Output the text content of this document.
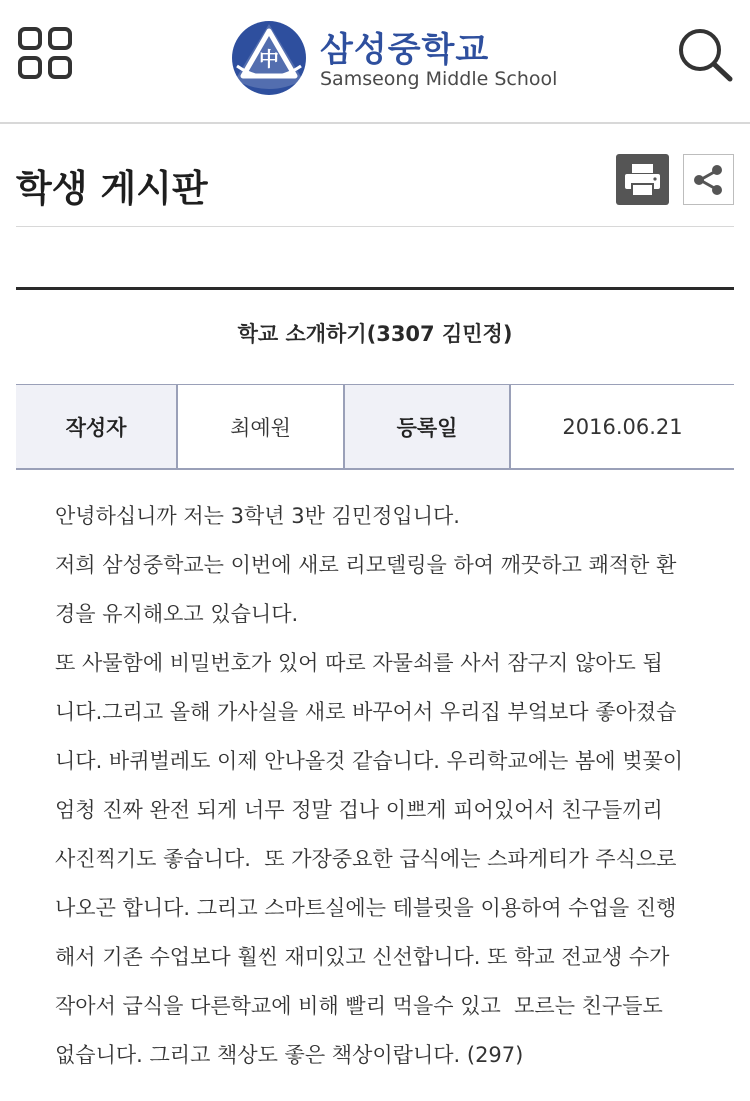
中 삼성중학교
Samseong Middle School
학생 게시판
학교 소개하기(3307 김민정)
작성자	최예원	등록일	2016.06.21
안녕하십니까 저는 3학년 3반 김민정입니다.
저희 삼성중학교는 이번에 새로 리모델링을 하여 깨끗하고 쾌적한 환
경을 유지해오고 있습니다.
또 사물함에 비밀번호가 있어 따로 자물쇠를 사서 잠구지 않아도 됩
니다.그리고 올해 가사실을 새로 바꾸어서 우리집 부엌보다 좋아졌습
니다. 바퀴벌레도 이제 안나올것 같습니다. 우리학교에는 봄에 벚꽃이
엄청 진짜 완전 되게 너무 정말 겁나 이쁘게 피어있어서 친구들끼리
사진찍기도 좋습니다.  또 가장중요한 급식에는 스파게티가 주식으로
나오곤 합니다. 그리고 스마트실에는 테블릿을 이용하여 수업을 진행
해서 기존 수업보다 훨씬 재미있고 신선합니다. 또 학교 전교생 수가
작아서 급식을 다른학교에 비해 빨리 먹을수 있고  모르는 친구들도
없습니다. 그리고 책상도 좋은 책상이랍니다. (297)
